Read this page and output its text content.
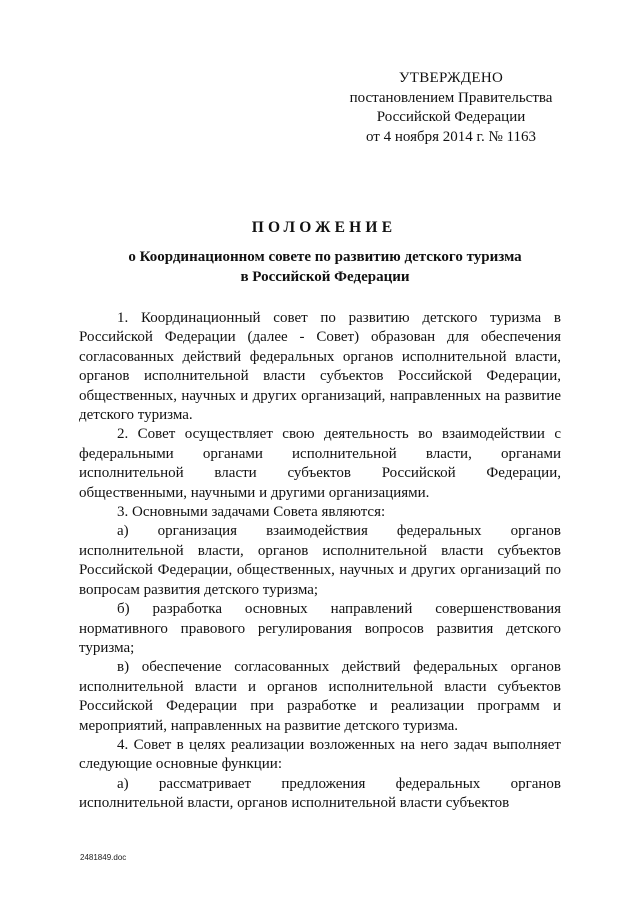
УТВЕРЖДЕНО
постановлением Правительства
Российской Федерации
от 4 ноября 2014 г. № 1163
ПОЛОЖЕНИЕ
о Координационном совете по развитию детского туризма
в Российской Федерации

1. Координационный совет по развитию детского туризма в Российской Федерации (далее - Совет) образован для обеспечения согласованных действий федеральных органов исполнительной власти, органов исполнительной власти субъектов Российской Федерации, общественных, научных и других организаций, направленных на развитие детского туризма.

2. Совет осуществляет свою деятельность во взаимодействии с федеральными органами исполнительной власти, органами исполнительной власти субъектов Российской Федерации, общественными, научными и другими организациями.

3. Основными задачами Совета являются:

а) организация взаимодействия федеральных органов исполнительной власти, органов исполнительной власти субъектов Российской Федерации, общественных, научных и других организаций по вопросам развития детского туризма;

б) разработка основных направлений совершенствования нормативного правового регулирования вопросов развития детского туризма;

в) обеспечение согласованных действий федеральных органов исполнительной власти и органов исполнительной власти субъектов Российской Федерации при разработке и реализации программ и мероприятий, направленных на развитие детского туризма.

4. Совет в целях реализации возложенных на него задач выполняет следующие основные функции:

а) рассматривает предложения федеральных органов исполнительной власти, органов исполнительной власти субъектов

2481849.doc
